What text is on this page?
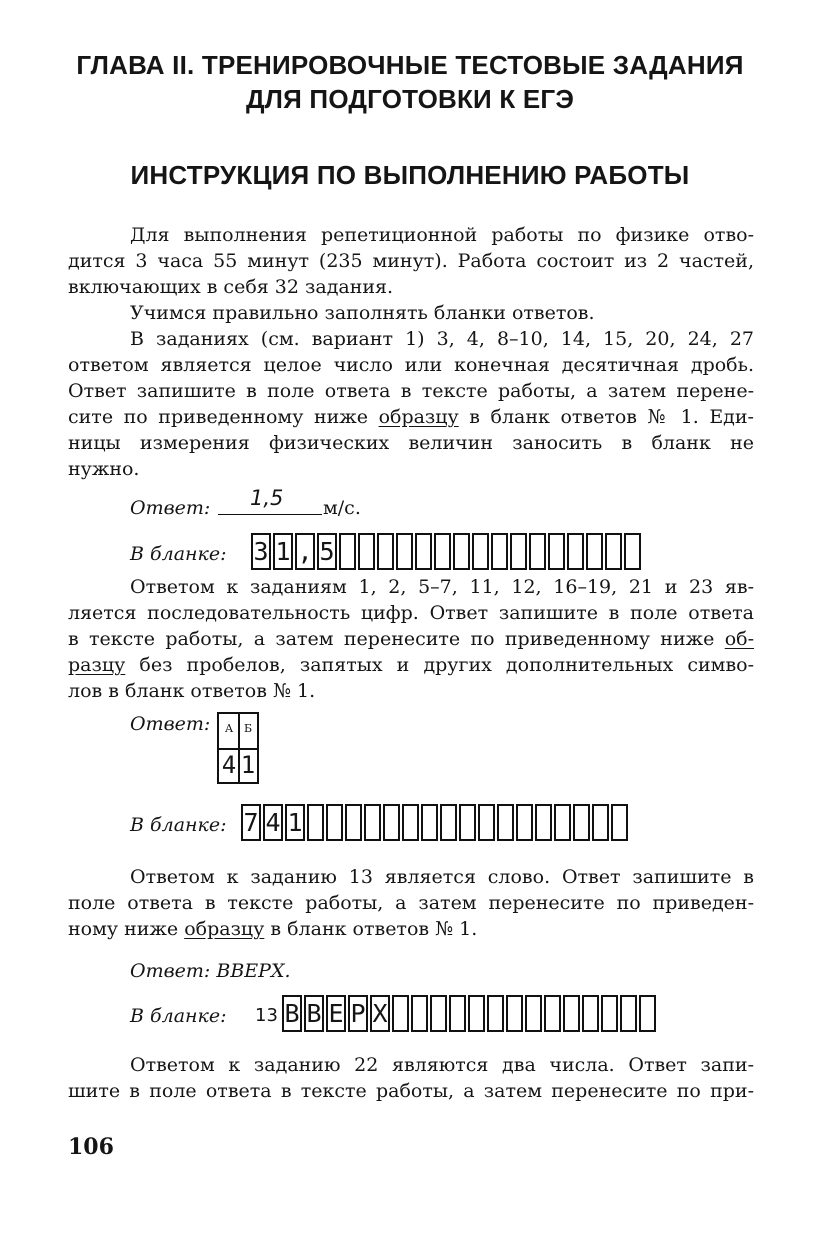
ГЛАВА II. ТРЕНИРОВОЧНЫЕ ТЕСТОВЫЕ ЗАДАНИЯ
ДЛЯ ПОДГОТОВКИ К ЕГЭ
ИНСТРУКЦИЯ ПО ВЫПОЛНЕНИЮ РАБОТЫ
Для выполнения репетиционной работы по физике отво-
дится 3 часа 55 минут (235 минут). Работа состоит из 2 частей,
включающих в себя 32 задания.
Учимся правильно заполнять бланки ответов.
В заданиях (см. вариант 1) 3, 4, 8–10, 14, 15, 20, 24, 27
ответом является целое число или конечная десятичная дробь.
Ответ запишите в поле ответа в тексте работы, а затем перене-
сите по приведенному ниже образцу в бланк ответов № 1. Еди-
ницы измерения физических величин заносить в бланк не
нужно.
Ответ: 1,5 м/с.
В бланке: 3 1 , 5
Ответом к заданиям 1, 2, 5–7, 11, 12, 16–19, 21 и 23 яв-
ляется последовательность цифр. Ответ запишите в поле ответа
в тексте работы, а затем перенесите по приведенному ниже об-
разцу без пробелов, запятых и других дополнительных симво-
лов в бланк ответов № 1.
Ответ:	А Б
4 1
В бланке: 7 4 1
Ответом к заданию 13 является слово. Ответ запишите в
поле ответа в тексте работы, а затем перенесите по приведен-
ному ниже образцу в бланк ответов № 1.
Ответ: ВВЕРХ.
В бланке: 13 В В Е Р Х
Ответом к заданию 22 являются два числа. Ответ запи-
шите в поле ответа в тексте работы, а затем перенесите по при-
106
